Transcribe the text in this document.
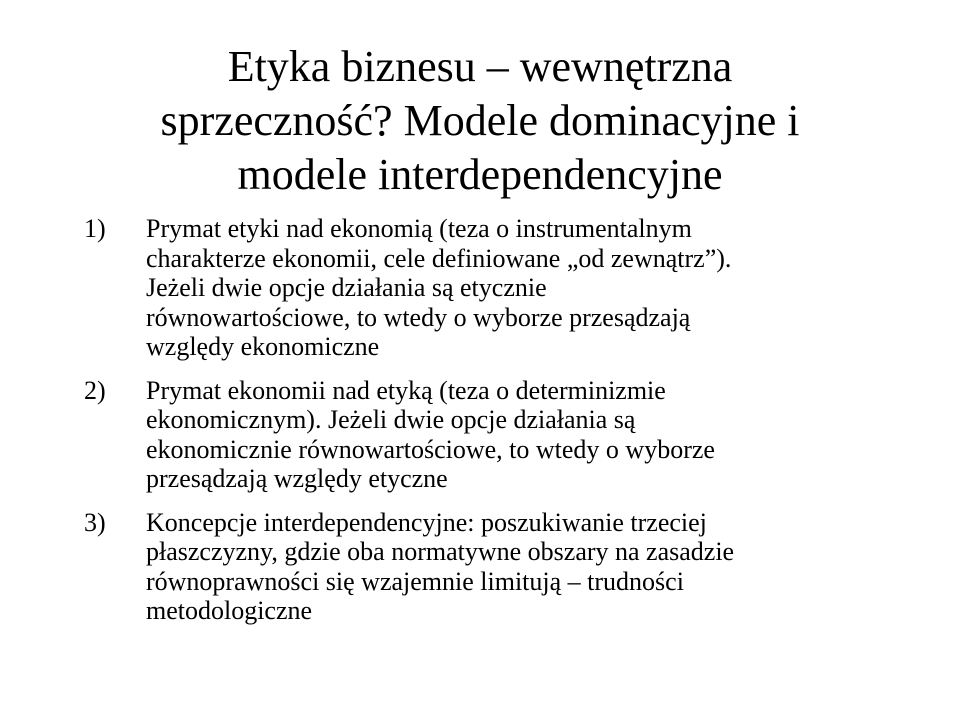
Etyka biznesu – wewnętrzna
sprzeczność? Modele dominacyjne i
modele interdependencyjne
1) Prymat etyki nad ekonomią (teza o instrumentalnym
charakterze ekonomii, cele definiowane „od zewnątrz”).
Jeżeli dwie opcje działania są etycznie
równowartościowe, to wtedy o wyborze przesądzają
względy ekonomiczne
2) Prymat ekonomii nad etyką (teza o determinizmie
ekonomicznym). Jeżeli dwie opcje działania są
ekonomicznie równowartościowe, to wtedy o wyborze
przesądzają względy etyczne
3) Koncepcje interdependencyjne: poszukiwanie trzeciej
płaszczyzny, gdzie oba normatywne obszary na zasadzie
równoprawności się wzajemnie limitują – trudności
metodologiczne
